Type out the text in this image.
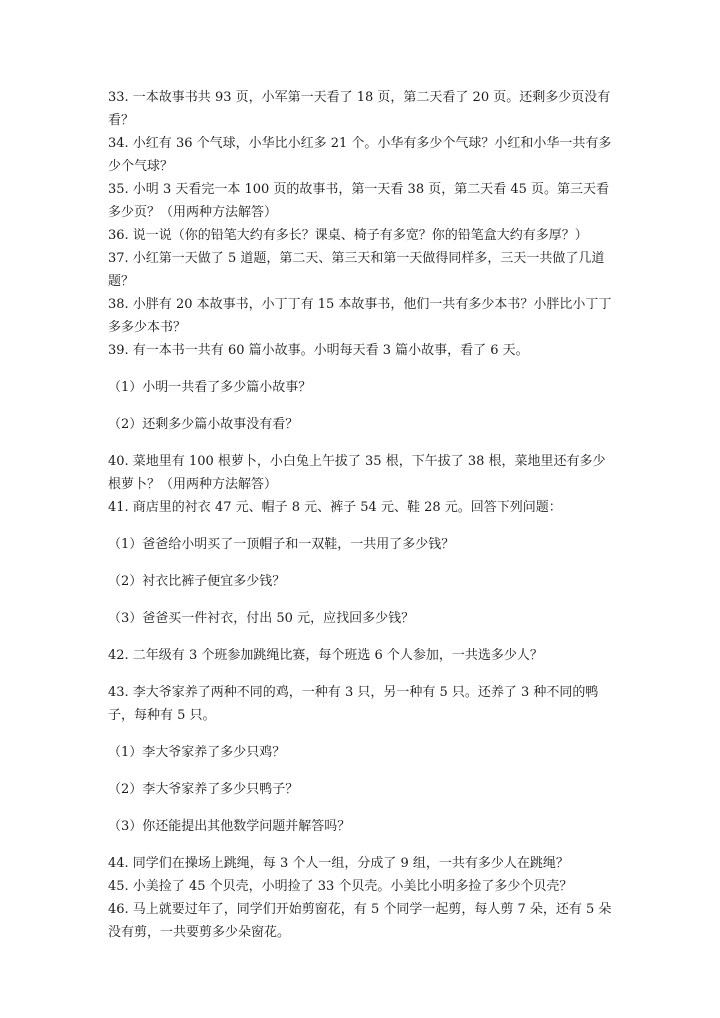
33. 一本故事书共 93 页，小军第一天看了 18 页，第二天看了 20 页。还剩多少页没有看？

34. 小红有 36 个气球，小华比小红多 21 个。小华有多少个气球？小红和小华一共有多少个气球？

35. 小明 3 天看完一本 100 页的故事书，第一天看 38 页，第二天看 45 页。第三天看多少页？（用两种方法解答）

36. 说一说（你的铅笔大约有多长？课桌、椅子有多宽？你的铅笔盒大约有多厚？）

37. 小红第一天做了 5 道题，第二天、第三天和第一天做得同样多，三天一共做了几道题？

38. 小胖有 20 本故事书，小丁丁有 15 本故事书，他们一共有多少本书？小胖比小丁丁多多少本书？

39. 有一本书一共有 60 篇小故事。小明每天看 3 篇小故事，看了 6 天。

（1）小明一共看了多少篇小故事？

（2）还剩多少篇小故事没有看？

40. 菜地里有 100 根萝卜，小白兔上午拔了 35 根，下午拔了 38 根，菜地里还有多少根萝卜？（用两种方法解答）

41. 商店里的衬衣 47 元、帽子 8 元、裤子 54 元、鞋 28 元。回答下列问题：

（1）爸爸给小明买了一顶帽子和一双鞋，一共用了多少钱？

（2）衬衣比裤子便宜多少钱？

（3）爸爸买一件衬衣，付出 50 元，应找回多少钱？

42. 二年级有 3 个班参加跳绳比赛，每个班选 6 个人参加，一共选多少人？

43. 李大爷家养了两种不同的鸡，一种有 3 只，另一种有 5 只。还养了 3 种不同的鸭子，每种有 5 只。

（1）李大爷家养了多少只鸡？

（2）李大爷家养了多少只鸭子？

（3）你还能提出其他数学问题并解答吗？

44. 同学们在操场上跳绳，每 3 个人一组，分成了 9 组，一共有多少人在跳绳？

45. 小美捡了 45 个贝壳，小明捡了 33 个贝壳。小美比小明多捡了多少个贝壳？

46. 马上就要过年了，同学们开始剪窗花，有 5 个同学一起剪，每人剪 7 朵，还有 5 朵没有剪，一共要剪多少朵窗花。
